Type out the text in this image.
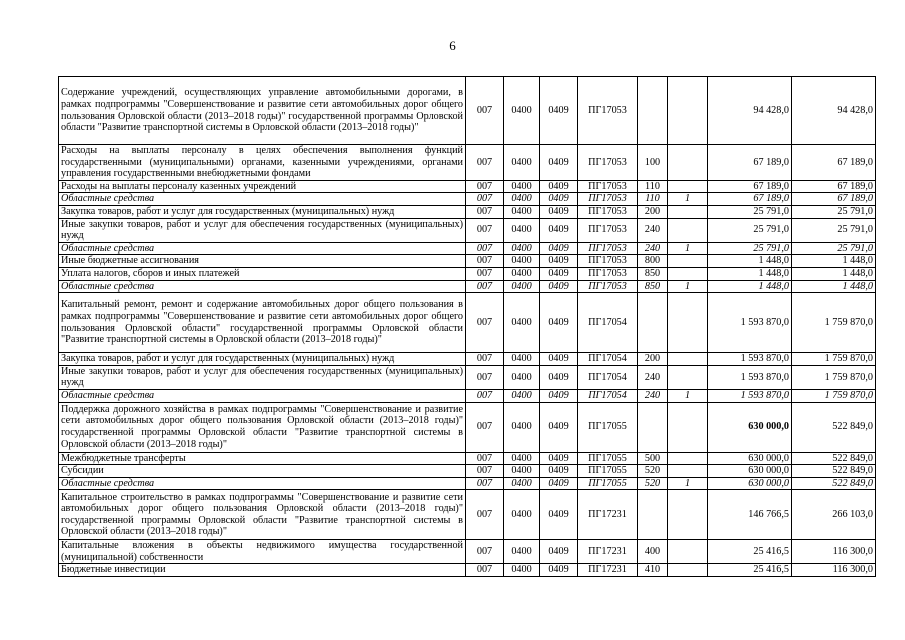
6
Содержание учреждений, осуществляющих управление автомобильными дорогами, в рамках подпрограммы "Совершенствование и развитие сети автомобильных дорог общего пользования Орловской области (2013–2018 годы)" государственной программы Орловской области "Развитие транспортной системы в Орловской области (2013–2018 годы)"	007	0400	0409	ПГ17053			94 428,0	94 428,0
Расходы на выплаты персоналу в целях обеспечения выполнения функций государственными (муниципальными) органами, казенными учреждениями, органами управления государственными внебюджетными фондами	007	0400	0409	ПГ17053	100		67 189,0	67 189,0
Расходы на выплаты персоналу казенных учреждений	007	0400	0409	ПГ17053	110		67 189,0	67 189,0
Областные средства	007	0400	0409	ПГ17053	110	1	67 189,0	67 189,0
Закупка товаров, работ и услуг для государственных (муниципальных) нужд	007	0400	0409	ПГ17053	200		25 791,0	25 791,0
Иные закупки товаров, работ и услуг для обеспечения государственных (муниципальных) нужд	007	0400	0409	ПГ17053	240		25 791,0	25 791,0
Областные средства	007	0400	0409	ПГ17053	240	1	25 791,0	25 791,0
Иные бюджетные ассигнования	007	0400	0409	ПГ17053	800		1 448,0	1 448,0
Уплата налогов, сборов и иных платежей	007	0400	0409	ПГ17053	850		1 448,0	1 448,0
Областные средства	007	0400	0409	ПГ17053	850	1	1 448,0	1 448,0
Капитальный ремонт, ремонт и содержание автомобильных дорог общего пользования в рамках подпрограммы "Совершенствование и развитие сети автомобильных дорог общего пользования Орловской области" государственной программы Орловской области "Развитие транспортной системы в Орловской области (2013–2018 годы)"	007	0400	0409	ПГ17054			1 593 870,0	1 759 870,0
Закупка товаров, работ и услуг для государственных (муниципальных) нужд	007	0400	0409	ПГ17054	200		1 593 870,0	1 759 870,0
Иные закупки товаров, работ и услуг для обеспечения государственных (муниципальных) нужд	007	0400	0409	ПГ17054	240		1 593 870,0	1 759 870,0
Областные средства	007	0400	0409	ПГ17054	240	1	1 593 870,0	1 759 870,0
Поддержка дорожного хозяйства в рамках подпрограммы "Совершенствование и развитие сети автомобильных дорог общего пользования Орловской области (2013–2018 годы)" государственной программы Орловской области "Развитие транспортной системы в Орловской области (2013–2018 годы)"	007	0400	0409	ПГ17055			630 000,0	522 849,0
Межбюджетные трансферты	007	0400	0409	ПГ17055	500		630 000,0	522 849,0
Субсидии	007	0400	0409	ПГ17055	520		630 000,0	522 849,0
Областные средства	007	0400	0409	ПГ17055	520	1	630 000,0	522 849,0
Капитальное строительство в рамках подпрограммы "Совершенствование и развитие сети автомобильных дорог общего пользования Орловской области (2013–2018 годы)" государственной программы Орловской области "Развитие транспортной системы в Орловской области (2013–2018 годы)"	007	0400	0409	ПГ17231			146 766,5	266 103,0
Капитальные вложения в объекты недвижимого имущества государственной (муниципальной) собственности	007	0400	0409	ПГ17231	400		25 416,5	116 300,0
Бюджетные инвестиции	007	0400	0409	ПГ17231	410		25 416,5	116 300,0
